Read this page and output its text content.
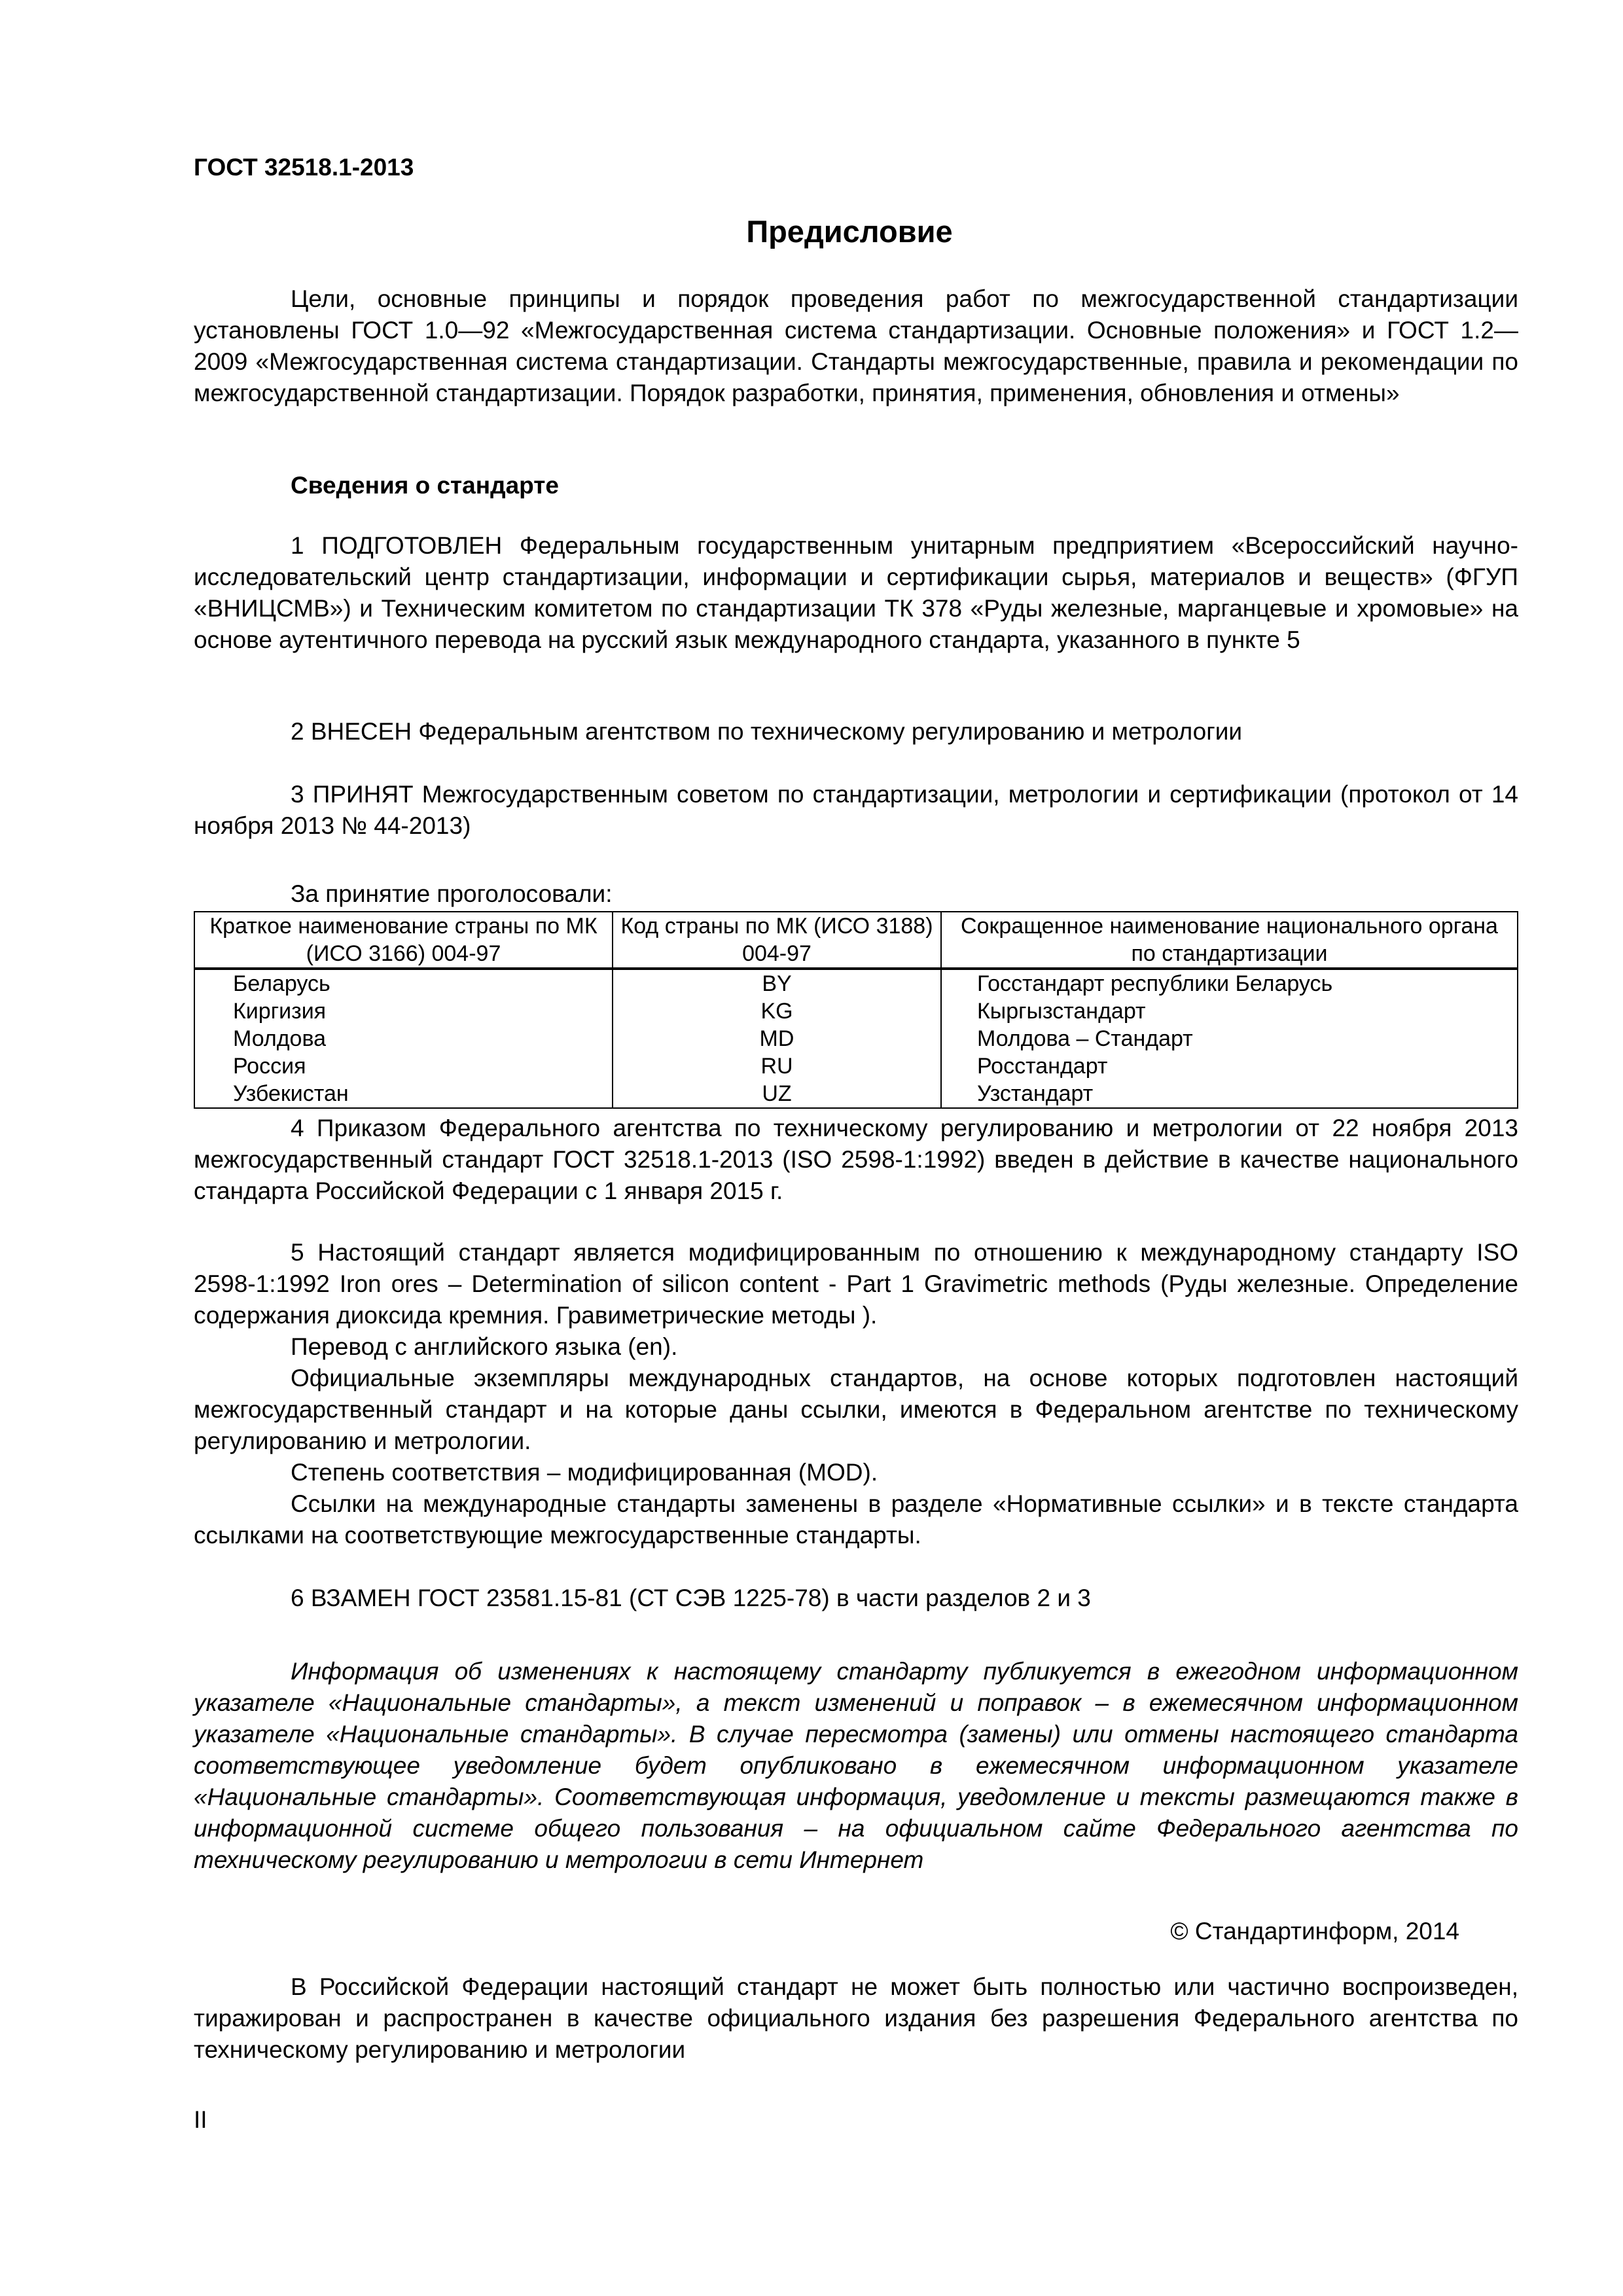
ГОСТ 32518.1-2013
Предисловие
Цели, основные принципы и порядок проведения работ по межгосударственной стандартизации установлены ГОСТ 1.0—92 «Межгосударственная система стандартизации. Основные положения» и ГОСТ 1.2—2009 «Межгосударственная система стандартизации. Стандарты межгосударственные, правила и рекомендации по межгосударственной стандартизации. Порядок разработки, принятия, применения, обновления и отмены»
Сведения о стандарте
1 ПОДГОТОВЛЕН Федеральным государственным унитарным предприятием «Всероссийский научно-исследовательский центр стандартизации, информации и сертификации сырья, материалов и веществ» (ФГУП «ВНИЦСМВ») и Техническим комитетом по стандартизации ТК 378 «Руды железные, марганцевые и хромовые» на основе аутентичного перевода на русский язык международного стандарта, указанного в пункте 5
2 ВНЕСЕН Федеральным агентством по техническому регулированию и метрологии
3 ПРИНЯТ Межгосударственным советом по стандартизации, метрологии и сертификации (протокол от 14 ноября 2013 № 44-2013)
За принятие проголосовали:
Краткое наименование страны по МК (ИСО 3166) 004-97	Код страны по МК (ИСО 3188) 004-97	Сокращенное наименование национального органа по стандартизации
Беларусь	BY	Госстандарт республики Беларусь
Киргизия	KG	Кыргызстандарт
Молдова	MD	Молдова – Стандарт
Россия	RU	Росстандарт
Узбекистан	UZ	Узстандарт
4 Приказом Федерального агентства по техническому регулированию и метрологии от 22 ноября 2013 межгосударственный стандарт ГОСТ 32518.1-2013 (ISO 2598-1:1992) введен в действие в качестве национального стандарта Российской Федерации с 1 января 2015 г.
5 Настоящий стандарт является модифицированным по отношению к международному стандарту ISO 2598-1:1992 Iron ores – Determination of silicon content - Part 1 Gravimetric methods (Руды железные. Определение содержания диоксида кремния. Гравиметрические методы ).
Перевод с английского языка (en).
Официальные экземпляры международных стандартов, на основе которых подготовлен настоящий межгосударственный стандарт и на которые даны ссылки, имеются в Федеральном агентстве по техническому регулированию и метрологии.
Степень соответствия – модифицированная (MOD).
Ссылки на международные стандарты заменены в разделе «Нормативные ссылки» и в тексте стандарта ссылками на соответствующие межгосударственные стандарты.
6 ВЗАМЕН ГОСТ 23581.15-81 (СТ СЭВ 1225-78) в части разделов 2 и 3
Информация об изменениях к настоящему стандарту публикуется в ежегодном информационном указателе «Национальные стандарты», а текст изменений и поправок – в ежемесячном информационном указателе «Национальные стандарты». В случае пересмотра (замены) или отмены настоящего стандарта соответствующее уведомление будет опубликовано в ежемесячном информационном указателе «Национальные стандарты». Соответствующая информация, уведомление и тексты размещаются также в информационной системе общего пользования – на официальном сайте Федерального агентства по техническому регулированию и метрологии в сети Интернет
© Стандартинформ, 2014
В Российской Федерации настоящий стандарт не может быть полностью или частично воспроизведен, тиражирован и распространен в качестве официального издания без разрешения Федерального агентства по техническому регулированию и метрологии
II
